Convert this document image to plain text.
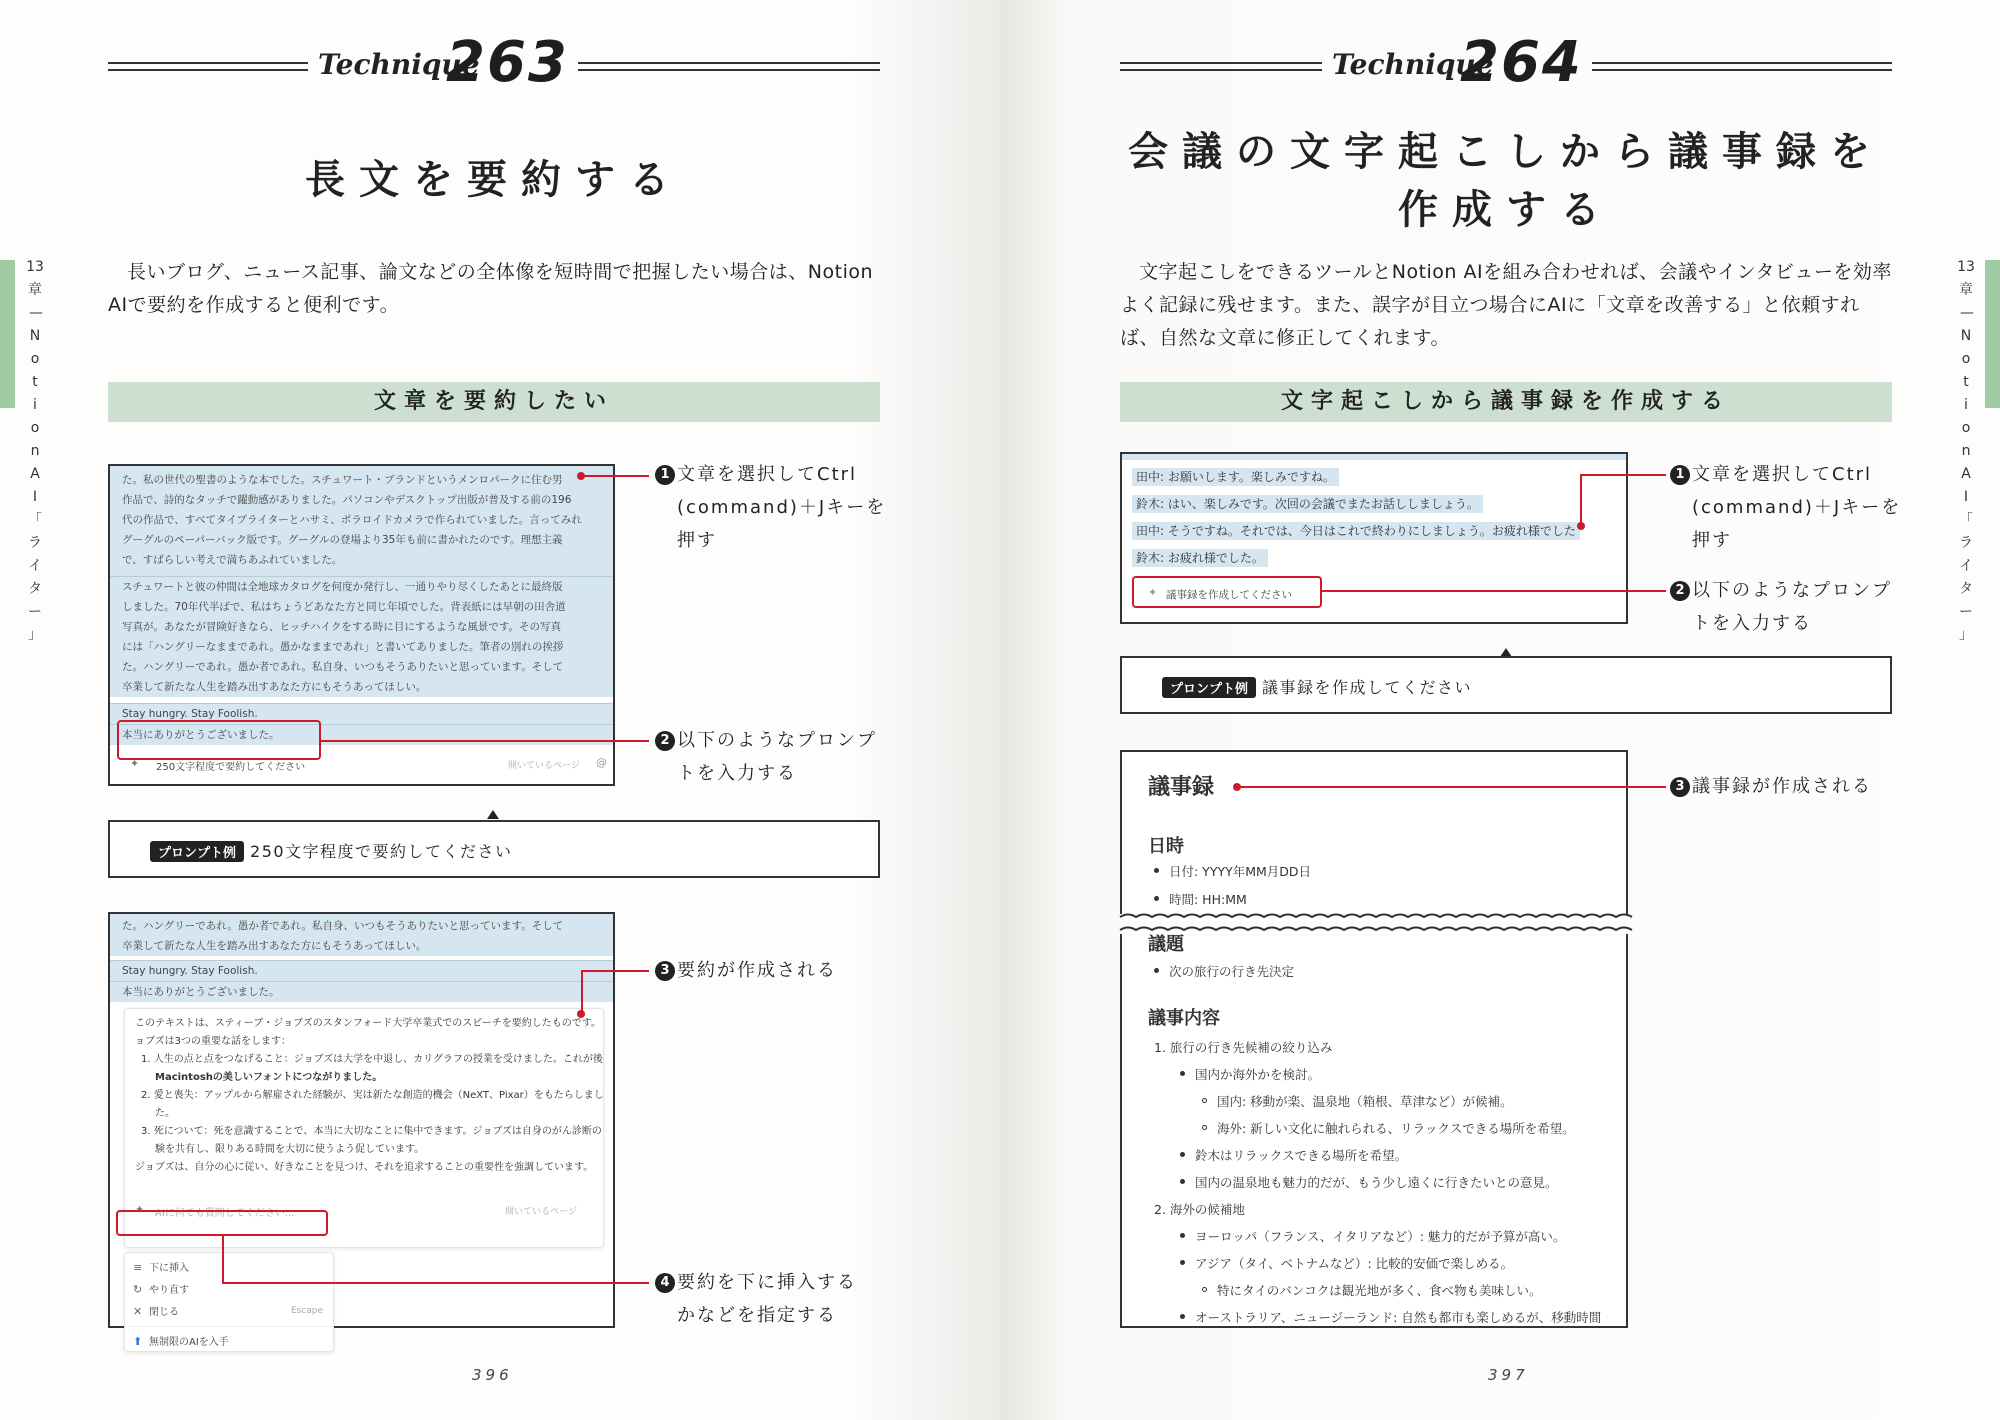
Technique
263
長文を要約する
長いブログ、ニュース記事、論文などの全体像を短時間で把握したい場合は、Notion AIで要約を作成すると便利です。
文章を要約したい
た。私の世代の聖書のような本でした。スチュワート・ブランドというメンロパークに住む男
作品で、詩的なタッチで躍動感がありました。パソコンやデスクトップ出版が普及する前の196
代の作品で、すべてタイプライターとハサミ、ポラロイドカメラで作られていました。言ってみれ
グーグルのペーパーバック版です。グーグルの登場より35年も前に書かれたのです。理想主義
で、すばらしい考えで満ちあふれていました。
スチュワートと彼の仲間は全地球カタログを何度か発行し、一通りやり尽くしたあとに最終版
しました。70年代半ばで、私はちょうどあなた方と同じ年頃でした。背表紙には早朝の田舎道
写真が。あなたが冒険好きなら、ヒッチハイクをする時に目にするような風景です。その写真
には「ハングリーなままであれ。愚かなままであれ」と書いてありました。筆者の別れの挨拶
た。ハングリーであれ。愚か者であれ。私自身、いつもそうありたいと思っています。そして
卒業して新たな人生を踏み出すあなた方にもそうあってほしい。
Stay hungry. Stay Foolish.
本当にありがとうございました。
✦ 250文字程度で要約してください	開いているページ @
1 文章を選択してCtrl
(command)＋Jキーを
押す
2 以下のようなプロンプ
トを入力する
プロンプト例 250文字程度で要約してください
た。ハングリーであれ。愚か者であれ。私自身、いつもそうありたいと思っています。そして
卒業して新たな人生を踏み出すあなた方にもそうあってほしい。
Stay hungry. Stay Foolish.
本当にありがとうございました。
このテキストは、スティーブ・ジョブズのスタンフォード大学卒業式でのスピーチを要約したものです。
ョブズは3つの重要な話をします：
1. 人生の点と点をつなげること：ジョブズは大学を中退し、カリグラフの授業を受けました。これが後
Macintoshの美しいフォントにつながりました。
2. 愛と喪失：アップルから解雇された経験が、実は新たな創造的機会（NeXT、Pixar）をもたらしまし
た。
3. 死について：死を意識することで、本当に大切なことに集中できます。ジョブズは自身のがん診断の
験を共有し、限りある時間を大切に使うよう促しています。
ジョブズは、自分の心に従い、好きなことを見つけ、それを追求することの重要性を強調しています。
✦ AIに何でも質問してください...	開いているページ
≡ 下に挿入
↻ やり直す
✕ 閉じる	Escape
⬆ 無制限のAIを入手
3 要約が作成される
4 要約を下に挿入する
かなどを指定する
396
13
章
—
N
o
t
i
o
n
A
I
「
ラ
イ
タ
ー
」
Technique
264
会議の文字起こしから議事録を
作成する
文字起こしをできるツールとNotion AIを組み合わせれば、会議やインタビューを効率よく記録に残せます。また、誤字が目立つ場合にAIに「文章を改善する」と依頼すれば、自然な文章に修正してくれます。
文字起こしから議事録を作成する
田中: お願いします。楽しみですね。
鈴木: はい、楽しみです。次回の会議でまたお話ししましょう。
田中: そうですね。それでは、今日はこれで終わりにしましょう。お疲れ様でした
鈴木: お疲れ様でした。
✦ 議事録を作成してください
1 文章を選択してCtrl
(command)＋Jキーを
押す
2 以下のようなプロンプ
トを入力する
プロンプト例 議事録を作成してください
議事録
日時
日付: YYYY年MM月DD日
時間: HH:MM
議題
次の旅行の行き先決定
議事内容
1. 旅行の行き先候補の絞り込み
国内か海外かを検討。
国内: 移動が楽、温泉地（箱根、草津など）が候補。
海外: 新しい文化に触れられる、リラックスできる場所を希望。
鈴木はリラックスできる場所を希望。
国内の温泉地も魅力的だが、もう少し遠くに行きたいとの意見。
2. 海外の候補地
ヨーロッパ（フランス、イタリアなど）: 魅力的だが予算が高い。
アジア（タイ、ベトナムなど）: 比較的安価で楽しめる。
特にタイのバンコクは観光地が多く、食べ物も美味しい。
オーストラリア、ニュージーランド: 自然も都市も楽しめるが、移動時間
3 議事録が作成される
397
13
章
—
N
o
t
i
o
n
A
I
「
ラ
イ
タ
ー
」
